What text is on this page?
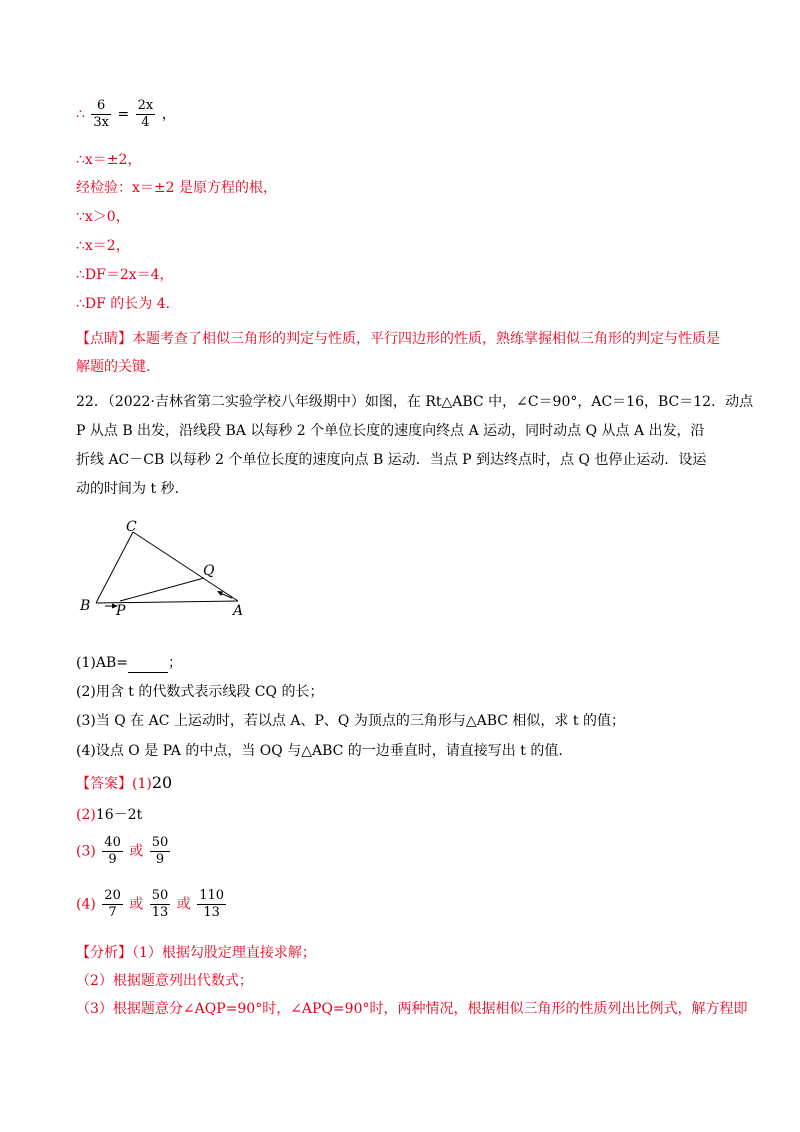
∴ $\frac{6}{3x} = \frac{2x}{4}$ ，
∴x＝±2，
经检验：x＝±2 是原方程的根，
∵x＞0，
∴x＝2，
∴DF＝2x＝4，
∴DF 的长为 4．
【点睛】本题考查了相似三角形的判定与性质，平行四边形的性质，熟练掌握相似三角形的判定与性质是
解题的关键.
22．（2022·吉林省第二实验学校八年级期中）如图，在 Rt△ABC 中，∠C＝90°，AC＝16，BC＝12．动点
P 从点 B 出发，沿线段 BA 以每秒 2 个单位长度的速度向终点 A 运动，同时动点 Q 从点 A 出发，沿
折线 AC－CB 以每秒 2 个单位长度的速度向点 B 运动．当点 P 到达终点时，点 Q 也停止运动．设运
动的时间为 t 秒．
C
Q
B P	A
(1)AB=	；
(2)用含 t 的代数式表示线段 CQ 的长；
(3)当 Q 在 AC 上运动时，若以点 A、P、Q 为顶点的三角形与△ABC 相似，求 t 的值；
(4)设点 O 是 PA 的中点，当 OQ 与△ABC 的一边垂直时，请直接写出 t 的值.
【答案】(1)20
(2)16－2t
$(3) \frac{40}{9}$ 或 $\frac{50}{9}$
$(4) \frac{20}{7}$ 或 $\frac{50}{13}$ 或 $\frac{110}{13}$
【分析】（1）根据勾股定理直接求解；
（2）根据题意列出代数式；
（3）根据题意分∠AQP=90°时，∠APQ=90°时，两种情况，根据相似三角形的性质列出比例式，解方程即
